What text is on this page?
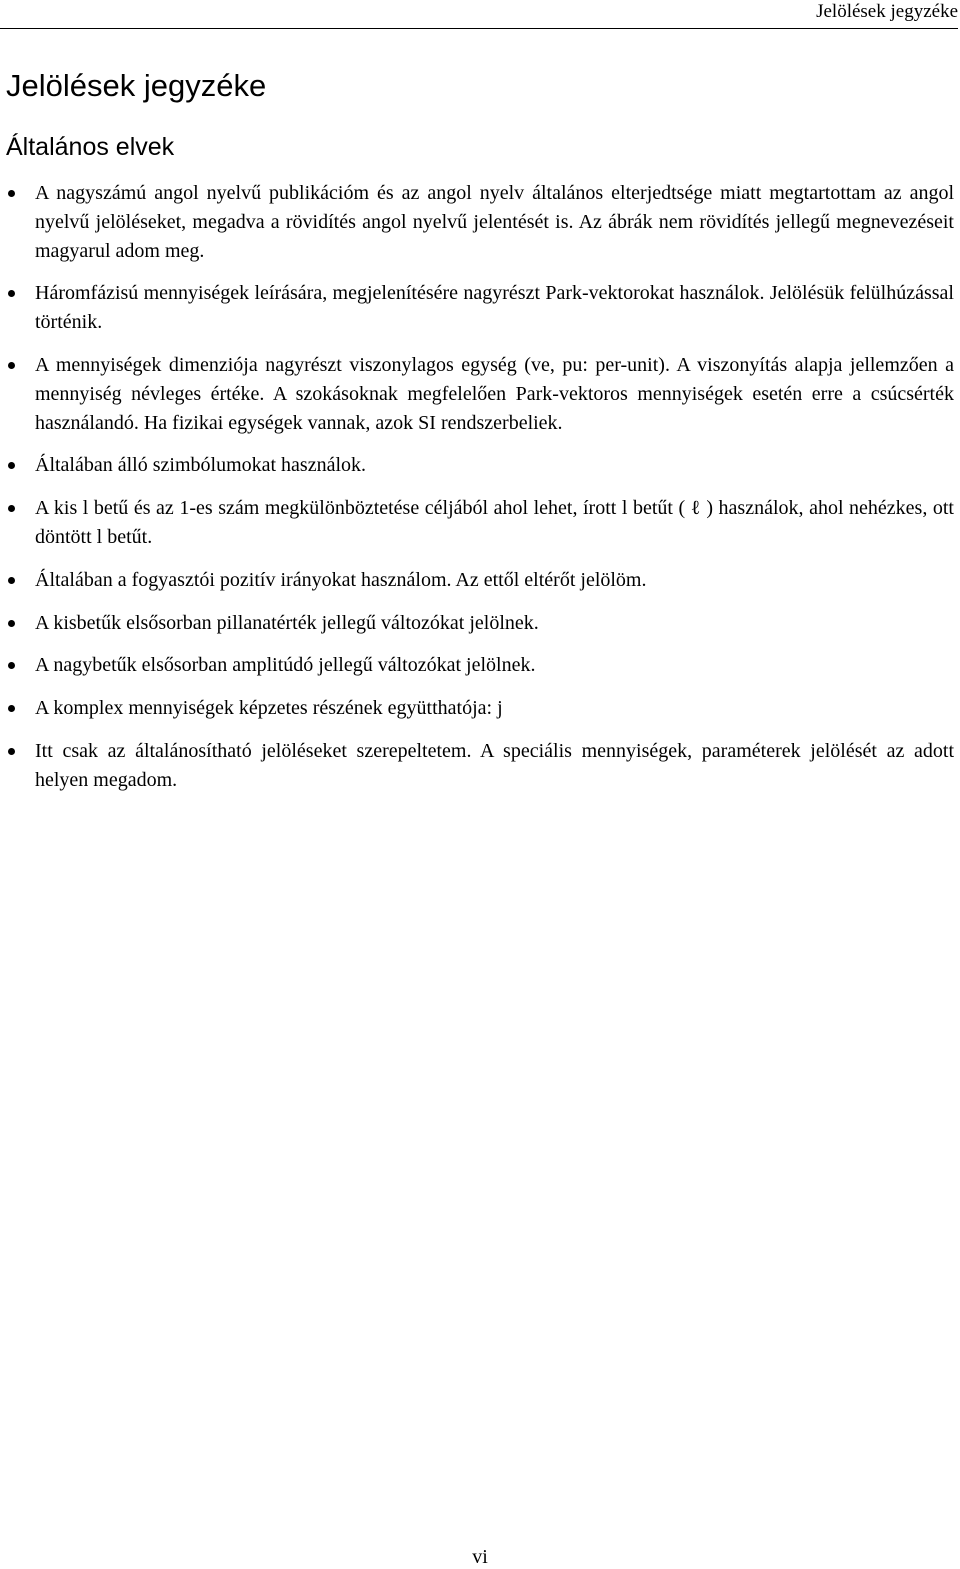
Jelölések jegyzéke
Jelölések jegyzéke
Általános elvek
A nagyszámú angol nyelvű publikációm és az angol nyelv általános elterjedtsége miatt megtartottam az angol nyelvű jelöléseket, megadva a rövidítés angol nyelvű jelentését is. Az ábrák nem rövidítés jellegű megnevezéseit magyarul adom meg.
Háromfázisú mennyiségek leírására, megjelenítésére nagyrészt Park-vektorokat használok. Jelölésük felülhúzással történik.
A mennyiségek dimenziója nagyrészt viszonylagos egység (ve, pu: per-unit). A viszonyítás alapja jellemzően a mennyiség névleges értéke. A szokásoknak megfelelően Park-vektoros mennyiségek esetén erre a csúcsérték használandó. Ha fizikai egységek vannak, azok SI rendszerbeliek.
Általában álló szimbólumokat használok.
A kis l betű és az 1-es szám megkülönböztetése céljából ahol lehet, írott l betűt ( ℓ ) használok, ahol nehézkes, ott döntött l betűt.
Általában a fogyasztói pozitív irányokat használom. Az ettől eltérőt jelölöm.
A kisbetűk elsősorban pillanatérték jellegű változókat jelölnek.
A nagybetűk elsősorban amplitúdó jellegű változókat jelölnek.
A komplex mennyiségek képzetes részének együtthatója: j
Itt csak az általánosítható jelöléseket szerepeltetem. A speciális mennyiségek, paraméterek jelölését az adott helyen megadom.
vi
